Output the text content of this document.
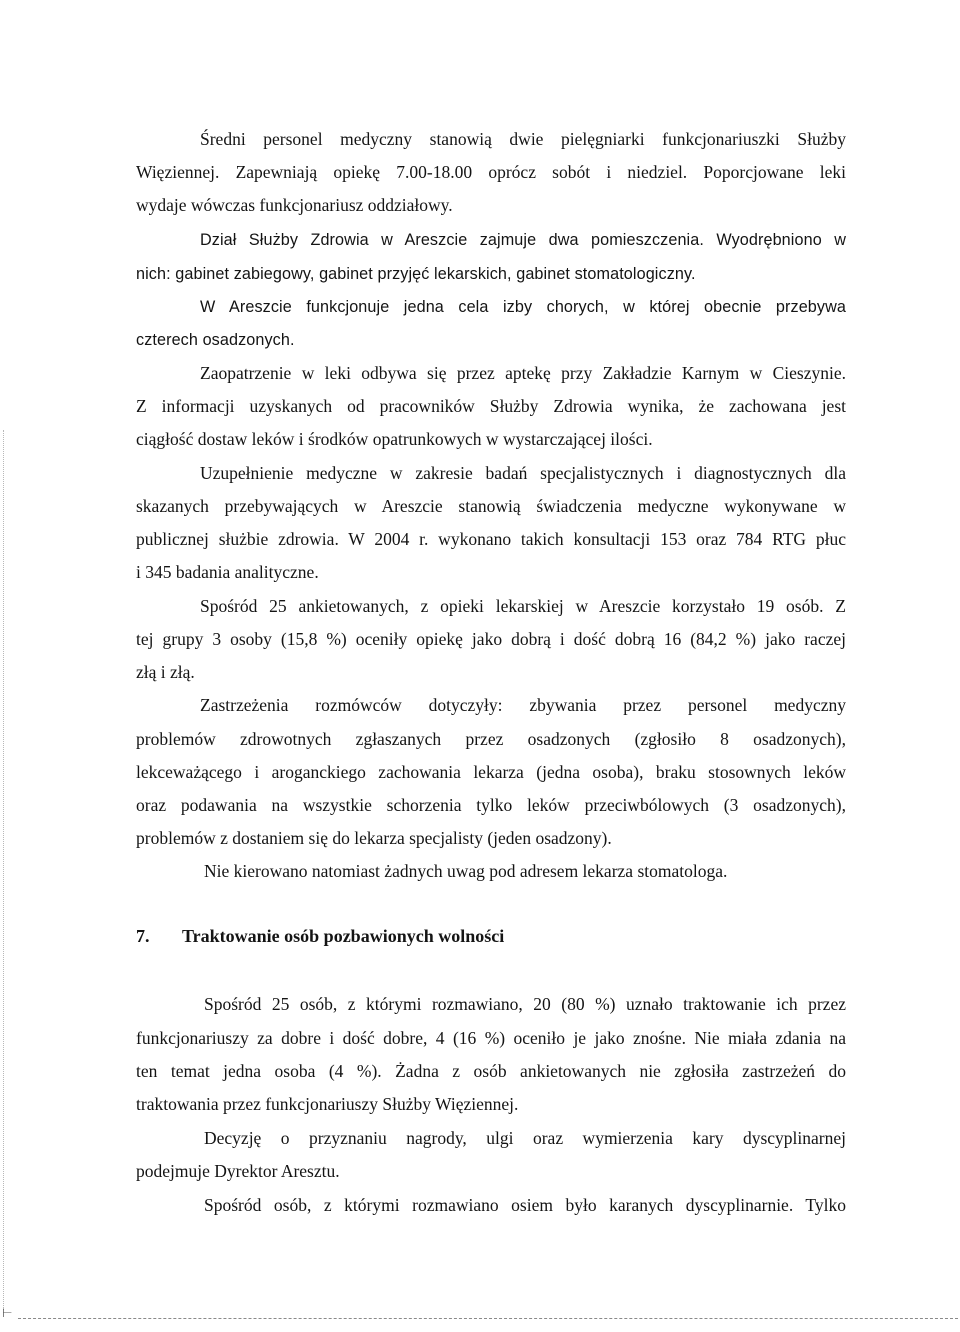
Średni personel medyczny stanowią dwie pielęgniarki funkcjonariuszki Służby
Więziennej. Zapewniają opiekę 7.00-18.00 oprócz sobót i niedziel. Poporcjowane leki
wydaje wówczas funkcjonariusz oddziałowy.
Dział Służby Zdrowia w Areszcie zajmuje dwa pomieszczenia. Wyodrębniono w
nich: gabinet zabiegowy, gabinet przyjęć lekarskich, gabinet stomatologiczny.
W Areszcie funkcjonuje jedna cela izby chorych, w której obecnie przebywa
czterech osadzonych.
Zaopatrzenie w leki odbywa się przez aptekę przy Zakładzie Karnym w Cieszynie.
Z informacji uzyskanych od pracowników Służby Zdrowia wynika, że zachowana jest
ciągłość dostaw leków i środków opatrunkowych w wystarczającej ilości.
Uzupełnienie medyczne w zakresie badań specjalistycznych i diagnostycznych dla
skazanych przebywających w Areszcie stanowią świadczenia medyczne wykonywane w
publicznej służbie zdrowia. W 2004 r. wykonano takich konsultacji 153 oraz 784 RTG płuc
i 345 badania analityczne.
Spośród 25 ankietowanych, z opieki lekarskiej w Areszcie korzystało 19 osób. Z
tej grupy 3 osoby (15,8 %) oceniły opiekę jako dobrą i dość dobrą 16 (84,2 %) jako raczej
złą i złą.
Zastrzeżenia rozmówców dotyczyły: zbywania przez personel medyczny
problemów zdrowotnych zgłaszanych przez osadzonych (zgłosiło 8 osadzonych),
lekceważącego i aroganckiego zachowania lekarza (jedna osoba), braku stosownych leków
oraz podawania na wszystkie schorzenia tylko leków przeciwbólowych (3 osadzonych),
problemów z dostaniem się do lekarza specjalisty (jeden osadzony).
Nie kierowano natomiast żadnych uwag pod adresem lekarza stomatologa.
7. Traktowanie osób pozbawionych wolności
Spośród 25 osób, z którymi rozmawiano, 20 (80 %) uznało traktowanie ich przez
funkcjonariuszy za dobre i dość dobre, 4 (16 %) oceniło je jako znośne. Nie miała zdania na
ten temat jedna osoba (4 %). Żadna z osób ankietowanych nie zgłosiła zastrzeżeń do
traktowania przez funkcjonariuszy Służby Więziennej.
Decyzję o przyznaniu nagrody, ulgi oraz wymierzenia kary dyscyplinarnej
podejmuje Dyrektor Aresztu.
Spośród osób, z którymi rozmawiano osiem było karanych dyscyplinarnie. Tylko
⊢
